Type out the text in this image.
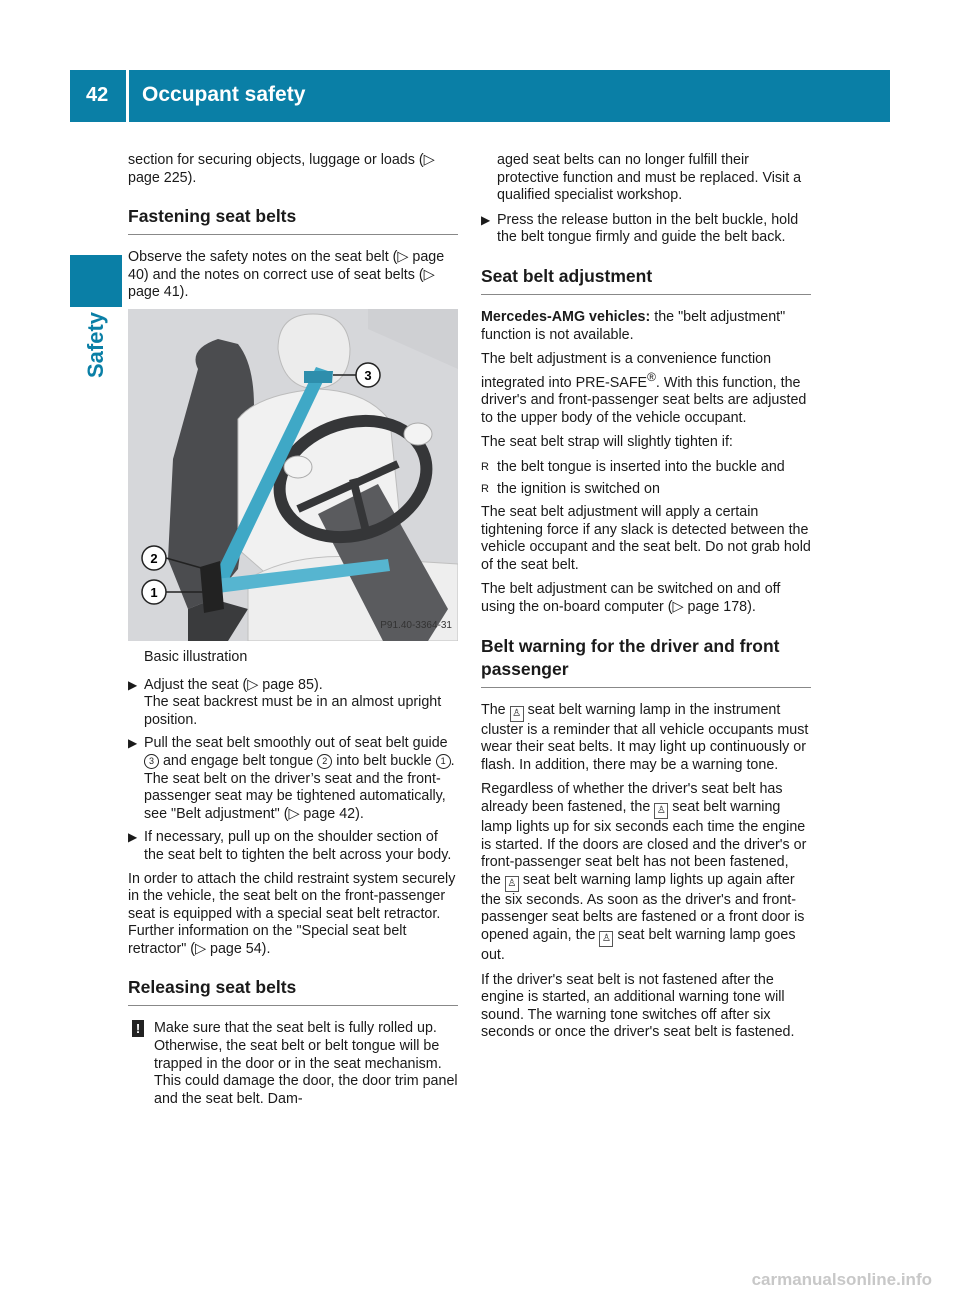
42 Occupant safety
Safety

section for securing objects, luggage or loads (▷ page 225).

Fastening seat belts

Observe the safety notes on the seat belt (▷ page 40) and the notes on correct use of seat belts (▷ page 41).

3
2
1
P91.40-3364-31
Basic illustration
▶ Adjust the seat (▷ page 85).
The seat backrest must be in an almost upright position.
▶ Pull the seat belt smoothly out of seat belt guide 3 and engage belt tongue 2 into belt buckle 1 .
The seat belt on the driver’s seat and the front-passenger seat may be tightened automatically, see "Belt adjustment" (▷ page 42).
▶ If necessary, pull up on the shoulder section of the seat belt to tighten the belt across your body.

In order to attach the child restraint system securely in the vehicle, the seat belt on the front-passenger seat is equipped with a special seat belt retractor. Further information on the "Special seat belt retractor" (▷ page 54).

Releasing seat belts
! Make sure that the seat belt is fully rolled up. Otherwise, the seat belt or belt tongue will be trapped in the door or in the seat mechanism. This could damage the door, the door trim panel and the seat belt. Dam-

aged seat belts can no longer fulfill their protective function and must be replaced. Visit a qualified specialist workshop.

▶ Press the release button in the belt buckle, hold the belt tongue firmly and guide the belt back.
Seat belt adjustment

Mercedes-AMG vehicles: the "belt adjustment" function is not available.

The belt adjustment is a convenience function integrated into PRE-SAFE®. With this function, the driver's and front-passenger seat belts are adjusted to the upper body of the vehicle occupant.

The seat belt strap will slightly tighten if:

R the belt tongue is inserted into the buckle and
R the ignition is switched on

The seat belt adjustment will apply a certain tightening force if any slack is detected between the vehicle occupant and the seat belt. Do not grab hold of the seat belt.

The belt adjustment can be switched on and off using the on-board computer (▷ page 178).

Belt warning for the driver and front passenger

The ♙ seat belt warning lamp in the instrument cluster is a reminder that all vehicle occupants must wear their seat belts. It may light up continuously or flash. In addition, there may be a warning tone.

Regardless of whether the driver's seat belt has already been fastened, the ♙ seat belt warning lamp lights up for six seconds each time the engine is started. If the doors are closed and the driver's or front-passenger seat belt has not been fastened, the ♙ seat belt warning lamp lights up again after the six seconds. As soon as the driver's and front-passenger seat belts are fastened or a front door is opened again, the ♙ seat belt warning lamp goes out.

If the driver's seat belt is not fastened after the engine is started, an additional warning tone will sound. The warning tone switches off after six seconds or once the driver's seat belt is fastened.

carmanualsonline.info
